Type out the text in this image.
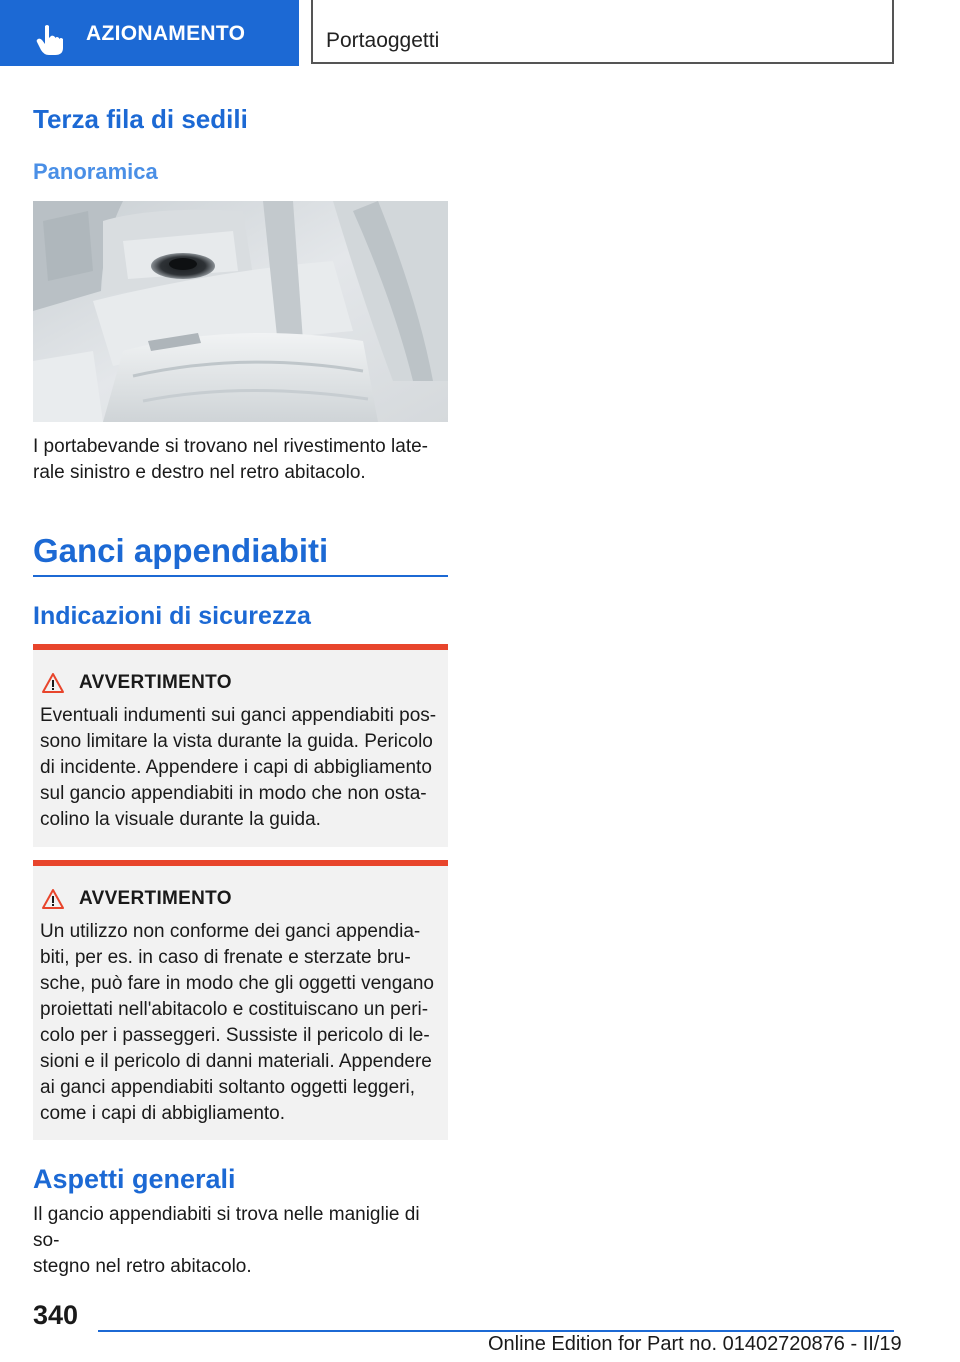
AZIONAMENTO	Portaoggetti
Terza fila di sedili
Panoramica
I portabevande si trovano nel rivestimento late-
rale sinistro e destro nel retro abitacolo.
Ganci appendiabiti
Indicazioni di sicurezza
AVVERTIMENTO
Eventuali indumenti sui ganci appendiabiti pos-
sono limitare la vista durante la guida. Pericolo
di incidente. Appendere i capi di abbigliamento
sul gancio appendiabiti in modo che non osta-
colino la visuale durante la guida.
AVVERTIMENTO
Un utilizzo non conforme dei ganci appendia-
biti, per es. in caso di frenate e sterzate bru-
sche, può fare in modo che gli oggetti vengano
proiettati nell'abitacolo e costituiscano un peri-
colo per i passeggeri. Sussiste il pericolo di le-
sioni e il pericolo di danni materiali. Appendere
ai ganci appendiabiti soltanto oggetti leggeri,
come i capi di abbigliamento.
Aspetti generali
Il gancio appendiabiti si trova nelle maniglie di so-
stegno nel retro abitacolo.
340
Online Edition for Part no. 01402720876 - II/19
